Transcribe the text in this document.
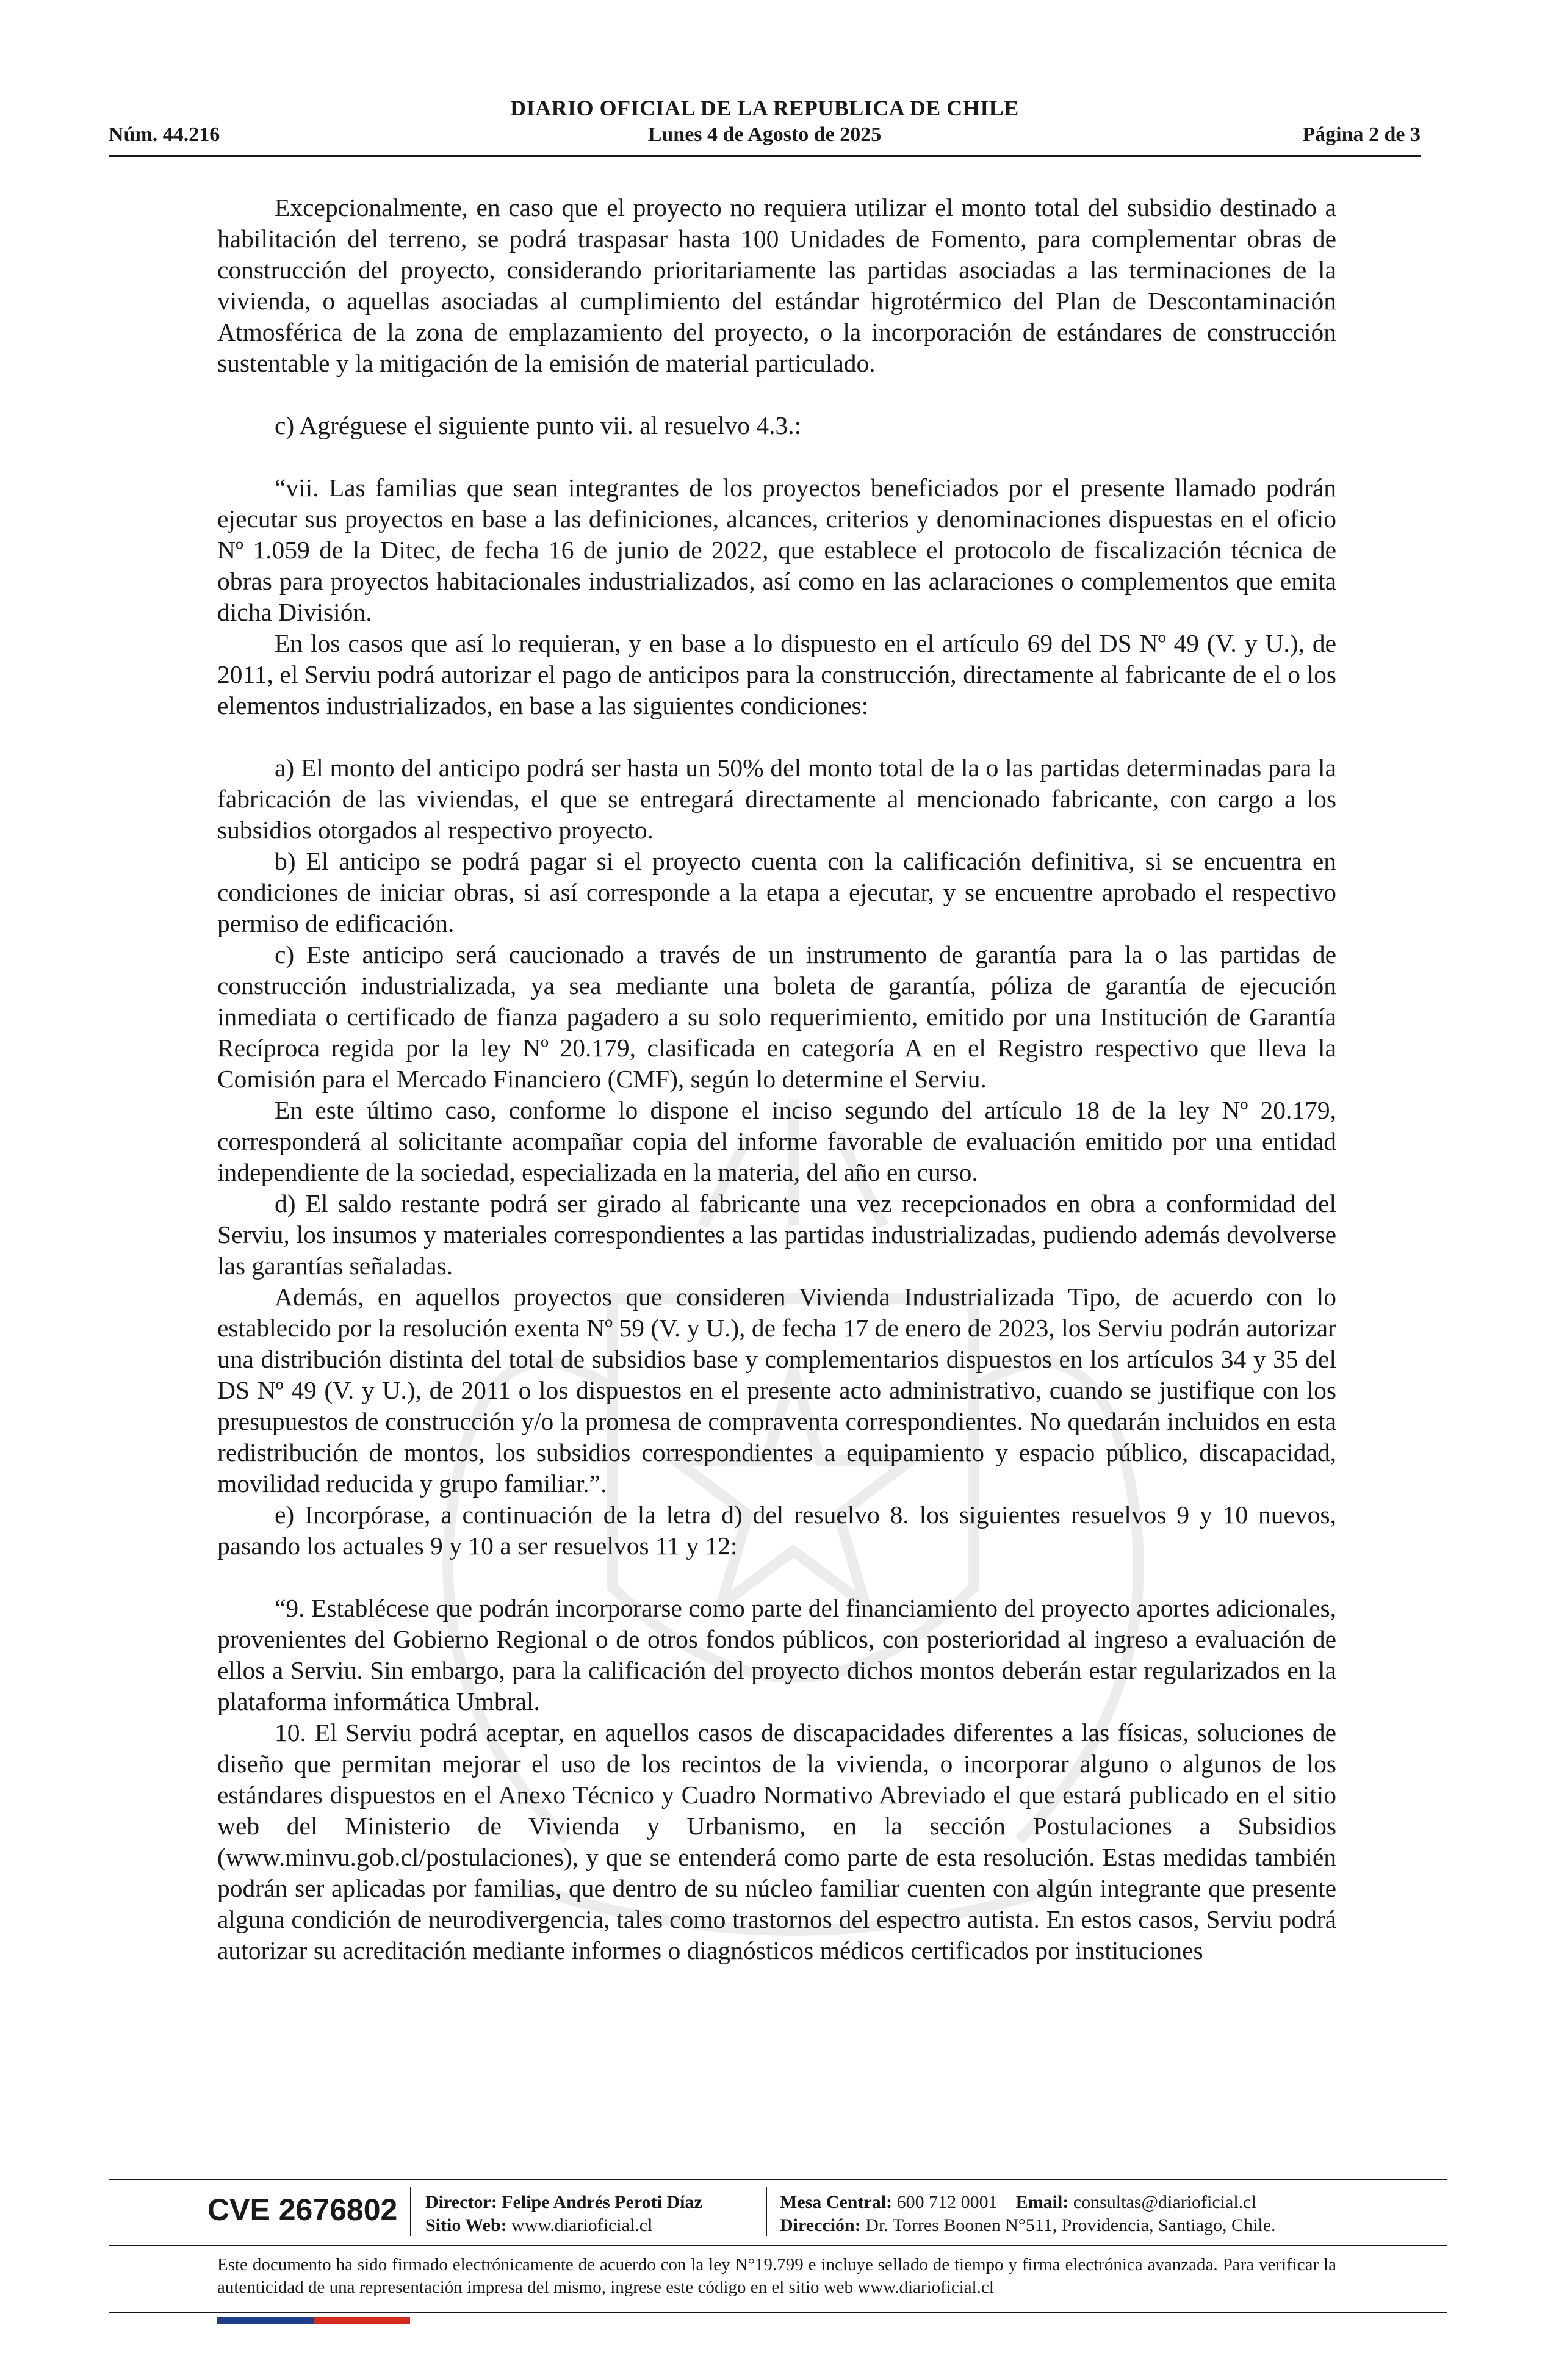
DIARIO OFICIAL DE LA REPUBLICA DE CHILE
Núm. 44.216	Lunes 4 de Agosto de 2025	Página 2 de 3

Excepcionalmente, en caso que el proyecto no requiera utilizar el monto total del subsidio destinado a habilitación del terreno, se podrá traspasar hasta 100 Unidades de Fomento, para complementar obras de construcción del proyecto, considerando prioritariamente las partidas asociadas a las terminaciones de la vivienda, o aquellas asociadas al cumplimiento del estándar higrotérmico del Plan de Descontaminación Atmosférica de la zona de emplazamiento del proyecto, o la incorporación de estándares de construcción sustentable y la mitigación de la emisión de material particulado.

c) Agréguese el siguiente punto vii. al resuelvo 4.3.:

“vii. Las familias que sean integrantes de los proyectos beneficiados por el presente llamado podrán ejecutar sus proyectos en base a las definiciones, alcances, criterios y denominaciones dispuestas en el oficio Nº 1.059 de la Ditec, de fecha 16 de junio de 2022, que establece el protocolo de fiscalización técnica de obras para proyectos habitacionales industrializados, así como en las aclaraciones o complementos que emita dicha División.

En los casos que así lo requieran, y en base a lo dispuesto en el artículo 69 del DS Nº 49 (V. y U.), de 2011, el Serviu podrá autorizar el pago de anticipos para la construcción, directamente al fabricante de el o los elementos industrializados, en base a las siguientes condiciones:

a) El monto del anticipo podrá ser hasta un 50% del monto total de la o las partidas determinadas para la fabricación de las viviendas, el que se entregará directamente al mencionado fabricante, con cargo a los subsidios otorgados al respectivo proyecto.

b) El anticipo se podrá pagar si el proyecto cuenta con la calificación definitiva, si se encuentra en condiciones de iniciar obras, si así corresponde a la etapa a ejecutar, y se encuentre aprobado el respectivo permiso de edificación.

c) Este anticipo será caucionado a través de un instrumento de garantía para la o las partidas de construcción industrializada, ya sea mediante una boleta de garantía, póliza de garantía de ejecución inmediata o certificado de fianza pagadero a su solo requerimiento, emitido por una Institución de Garantía Recíproca regida por la ley Nº 20.179, clasificada en categoría A en el Registro respectivo que lleva la Comisión para el Mercado Financiero (CMF), según lo determine el Serviu.

En este último caso, conforme lo dispone el inciso segundo del artículo 18 de la ley Nº 20.179, corresponderá al solicitante acompañar copia del informe favorable de evaluación emitido por una entidad independiente de la sociedad, especializada en la materia, del año en curso.

d) El saldo restante podrá ser girado al fabricante una vez recepcionados en obra a conformidad del Serviu, los insumos y materiales correspondientes a las partidas industrializadas, pudiendo además devolverse las garantías señaladas.

Además, en aquellos proyectos que consideren Vivienda Industrializada Tipo, de acuerdo con lo establecido por la resolución exenta Nº 59 (V. y U.), de fecha 17 de enero de 2023, los Serviu podrán autorizar una distribución distinta del total de subsidios base y complementarios dispuestos en los artículos 34 y 35 del DS Nº 49 (V. y U.), de 2011 o los dispuestos en el presente acto administrativo, cuando se justifique con los presupuestos de construcción y/o la promesa de compraventa correspondientes. No quedarán incluidos en esta redistribución de montos, los subsidios correspondientes a equipamiento y espacio público, discapacidad, movilidad reducida y grupo familiar.”.

e) Incorpórase, a continuación de la letra d) del resuelvo 8. los siguientes resuelvos 9 y 10 nuevos, pasando los actuales 9 y 10 a ser resuelvos 11 y 12:

“9. Establécese que podrán incorporarse como parte del financiamiento del proyecto aportes adicionales, provenientes del Gobierno Regional o de otros fondos públicos, con posterioridad al ingreso a evaluación de ellos a Serviu. Sin embargo, para la calificación del proyecto dichos montos deberán estar regularizados en la plataforma informática Umbral.

10. El Serviu podrá aceptar, en aquellos casos de discapacidades diferentes a las físicas, soluciones de diseño que permitan mejorar el uso de los recintos de la vivienda, o incorporar alguno o algunos de los estándares dispuestos en el Anexo Técnico y Cuadro Normativo Abreviado el que estará publicado en el sitio web del Ministerio de Vivienda y Urbanismo, en la sección Postulaciones a Subsidios (www.minvu.gob.cl/postulaciones), y que se entenderá como parte de esta resolución. Estas medidas también podrán ser aplicadas por familias, que dentro de su núcleo familiar cuenten con algún integrante que presente alguna condición de neurodivergencia, tales como trastornos del espectro autista. En estos casos, Serviu podrá autorizar su acreditación mediante informes o diagnósticos médicos certificados por instituciones

CVE 2676802 Director: Felipe Andrés Peroti Díaz
Sitio Web: www.diarioficial.cl
Mesa Central: 600 712 0001 Email: consultas@diarioficial.cl
Dirección: Dr. Torres Boonen N°511, Providencia, Santiago, Chile.
Este documento ha sido firmado electrónicamente de acuerdo con la ley N°19.799 e incluye sellado de tiempo y firma electrónica avanzada. Para verificar la autenticidad de una representación impresa del mismo, ingrese este código en el sitio web www.diarioficial.cl
